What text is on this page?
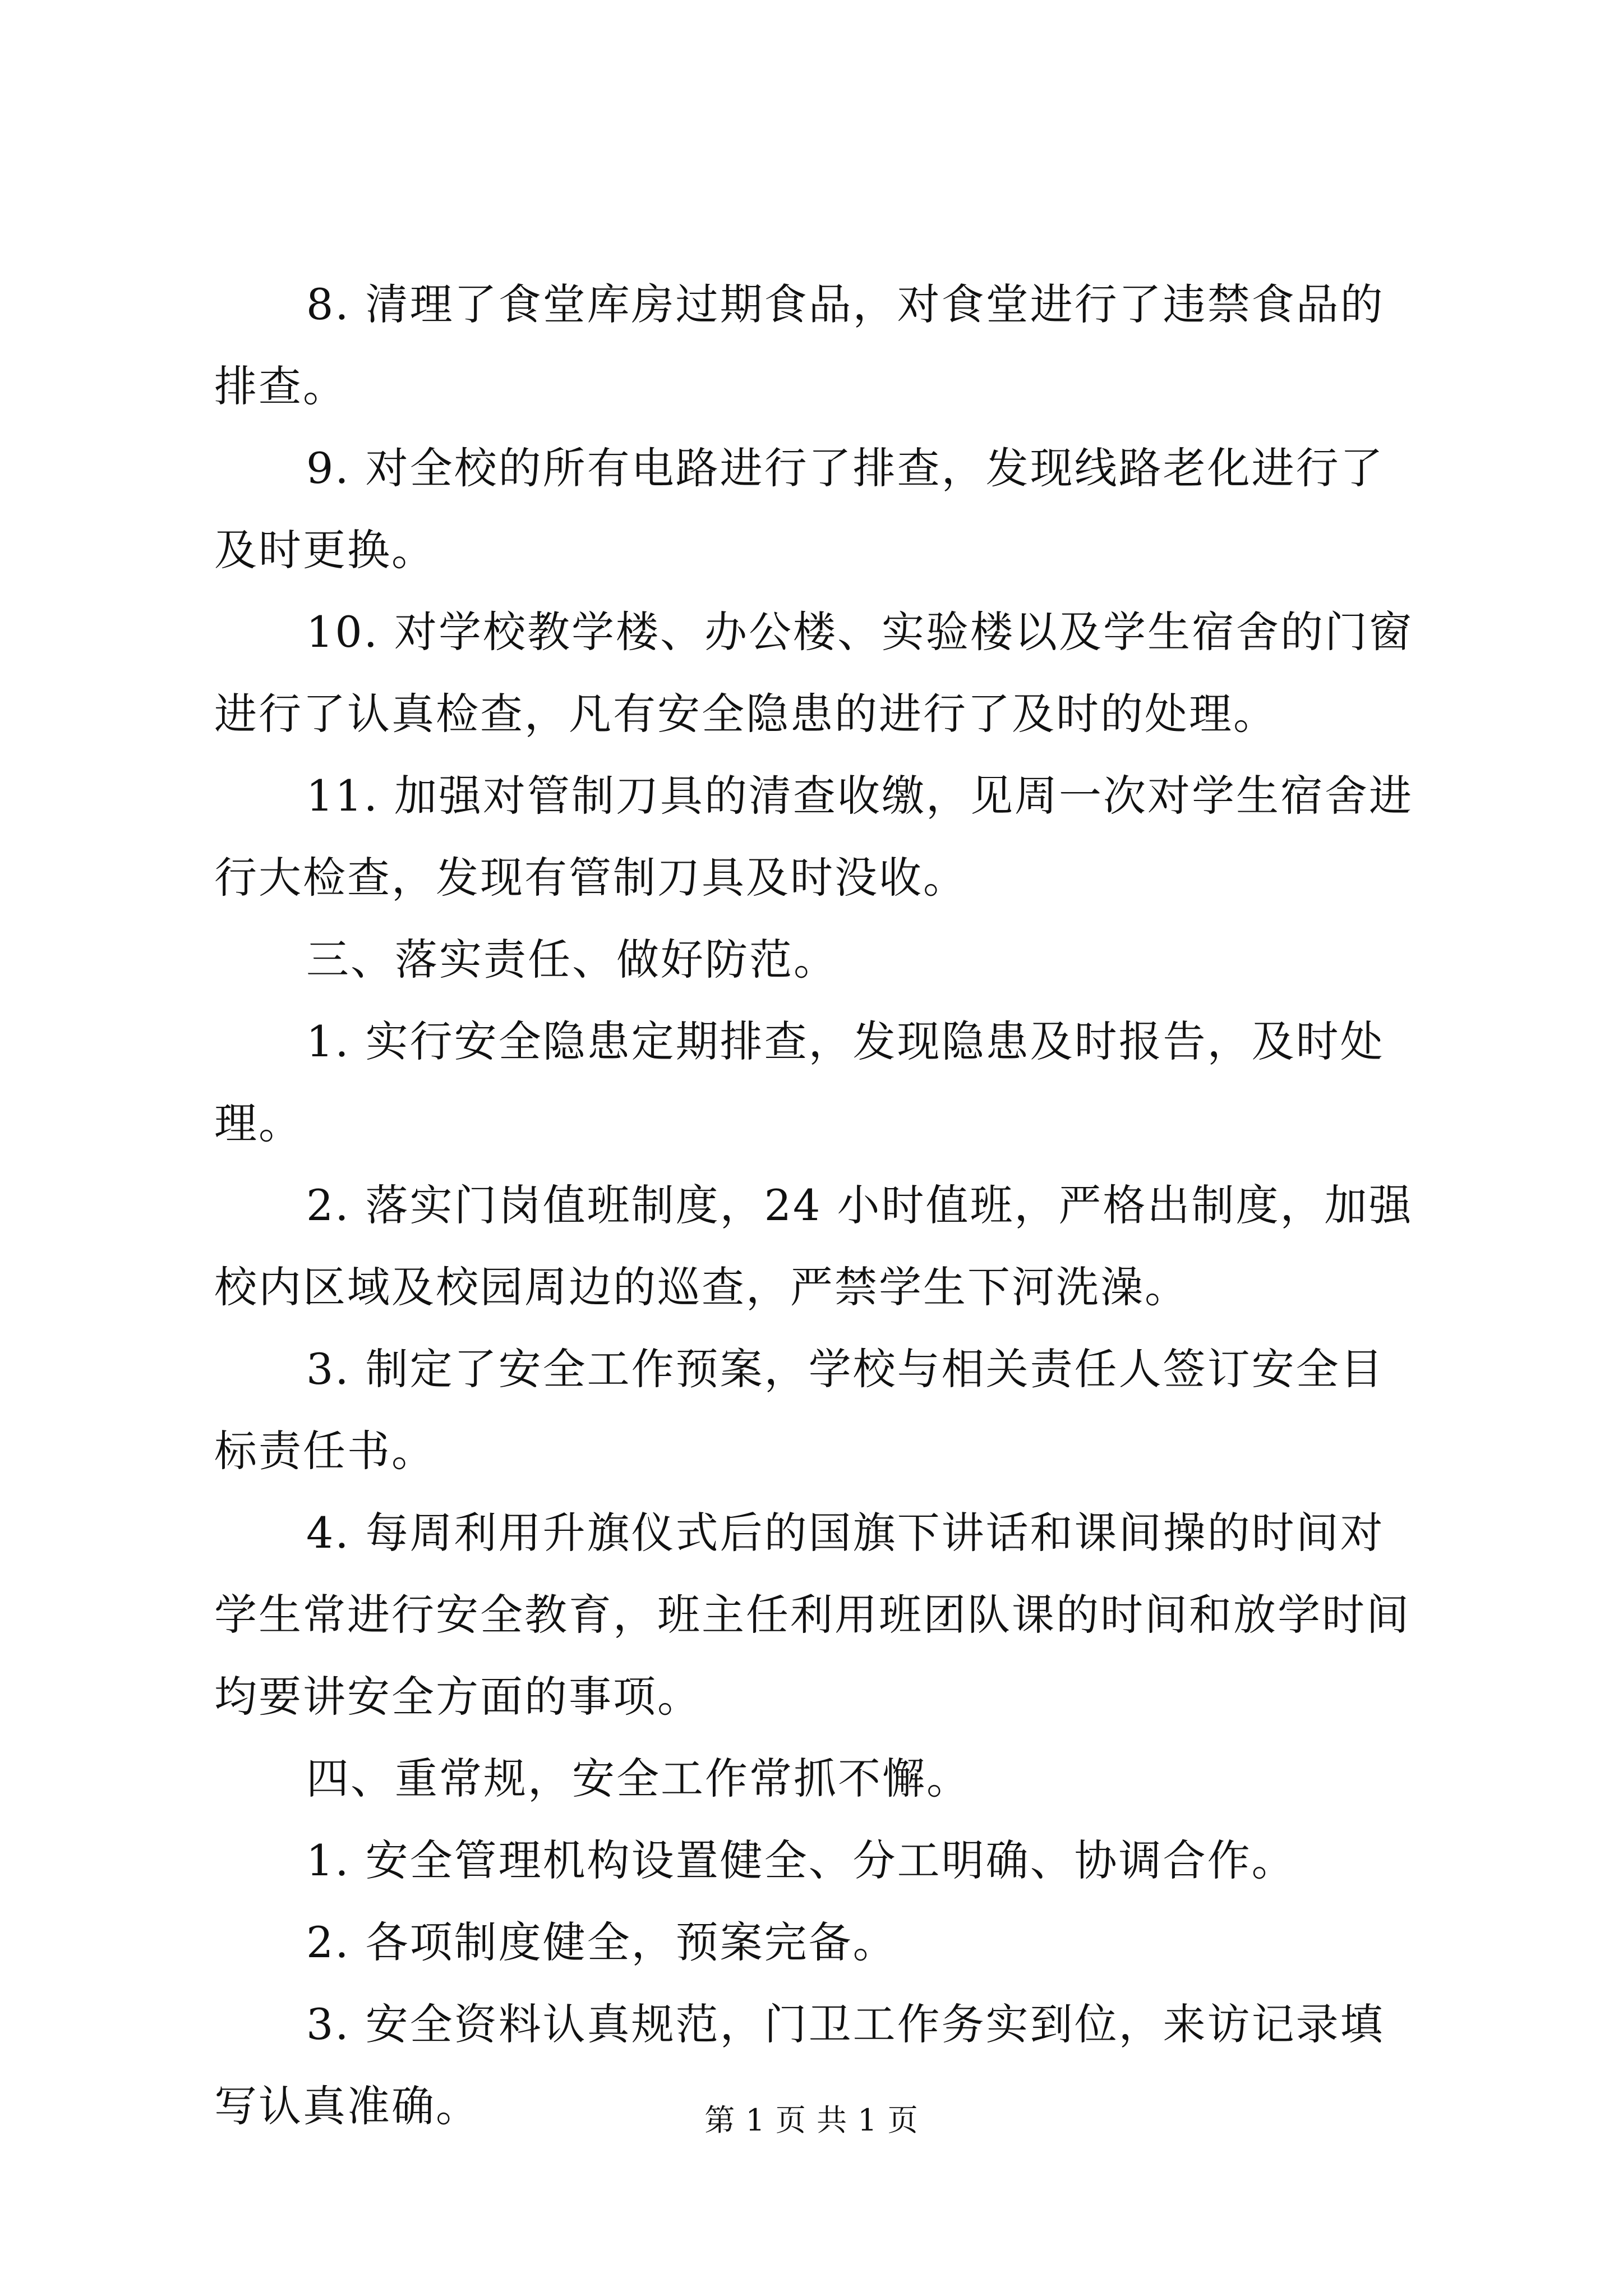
8. 清理了食堂库房过期食品，对食堂进行了违禁食品的排查。

9. 对全校的所有电路进行了排查，发现线路老化进行了及时更换。

10. 对学校教学楼、办公楼、实验楼以及学生宿舍的门窗进行了认真检查，凡有安全隐患的进行了及时的处理。

11. 加强对管制刀具的清查收缴，见周一次对学生宿舍进行大检查，发现有管制刀具及时没收。

三、落实责任、做好防范。

1. 实行安全隐患定期排查，发现隐患及时报告，及时处理。

2. 落实门岗值班制度，24 小时值班，严格出制度，加强校内区域及校园周边的巡查，严禁学生下河洗澡。

3. 制定了安全工作预案，学校与相关责任人签订安全目标责任书。

4. 每周利用升旗仪式后的国旗下讲话和课间操的时间对学生常进行安全教育，班主任利用班团队课的时间和放学时间均要讲安全方面的事项。

四、重常规，安全工作常抓不懈。

1. 安全管理机构设置健全、分工明确、协调合作。

2. 各项制度健全，预案完备。

3. 安全资料认真规范，门卫工作务实到位，来访记录填写认真准确。	第 1 页 共 1 页
